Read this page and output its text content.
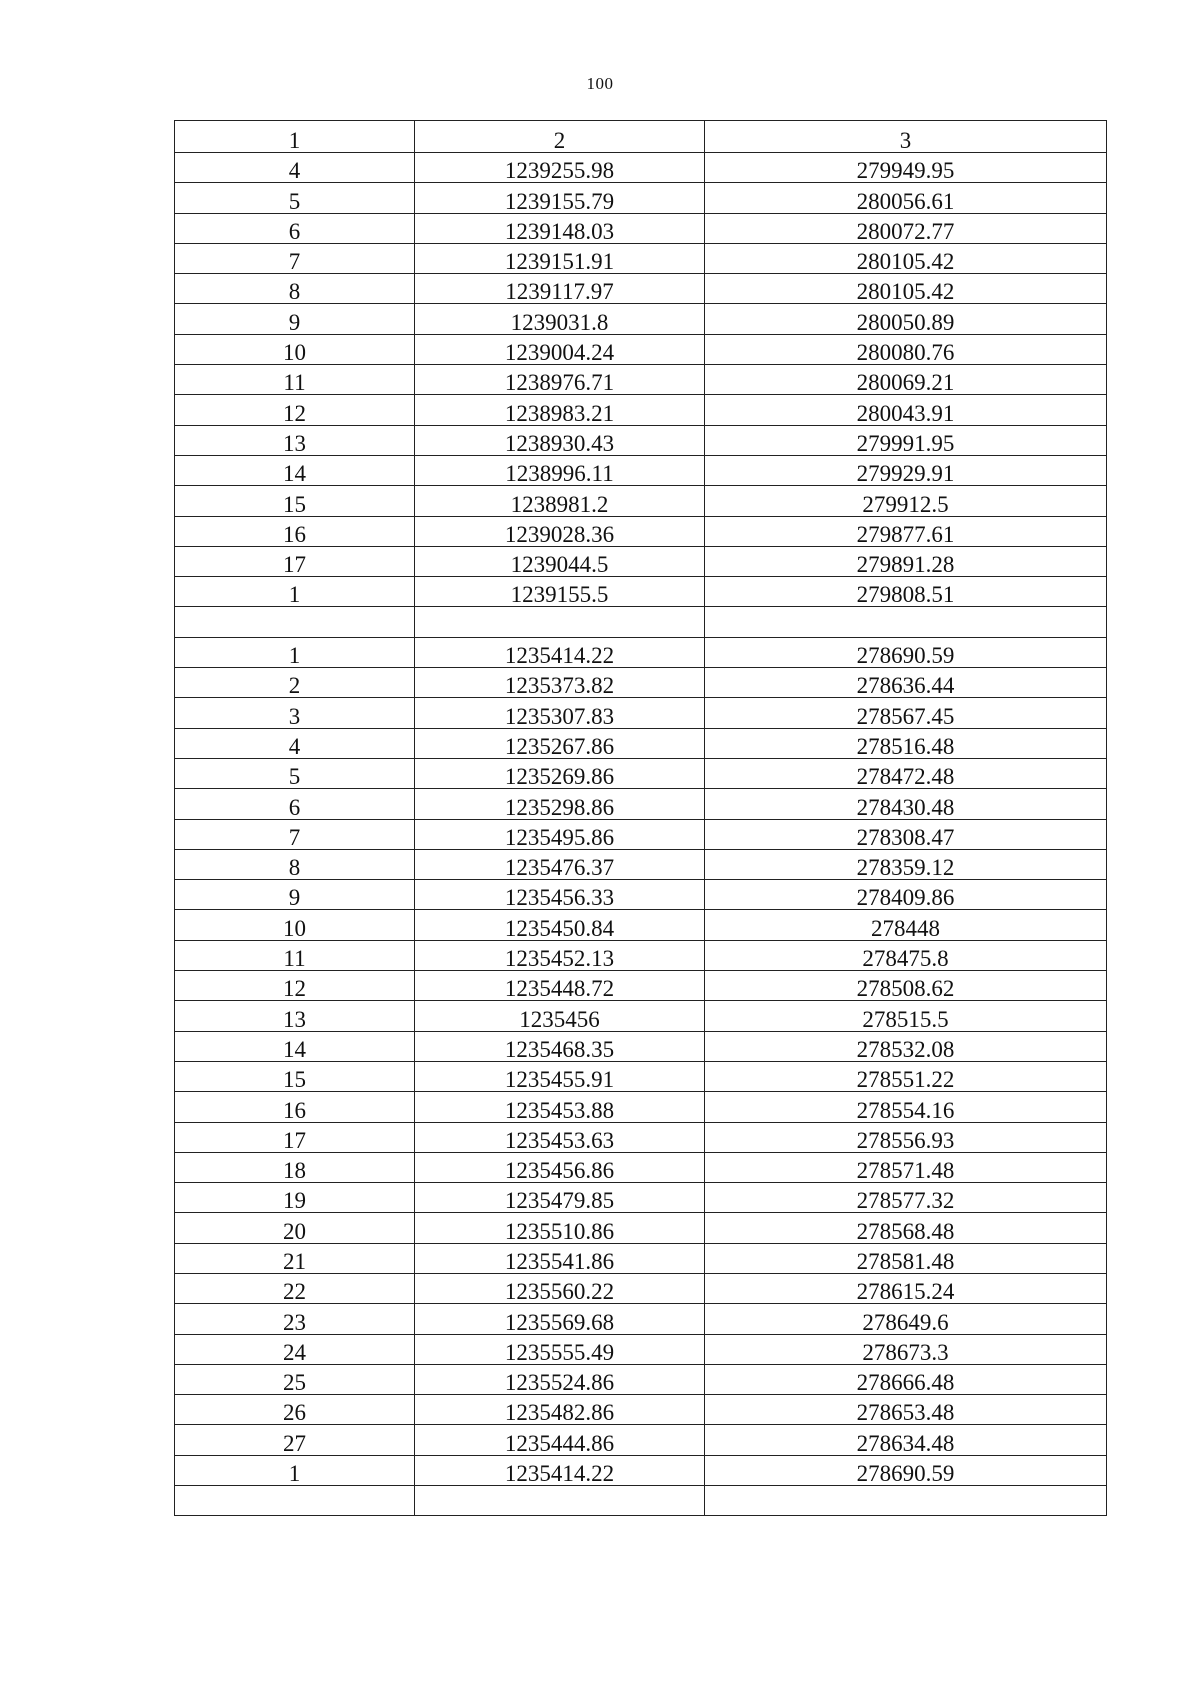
100
1	2	3
4	1239255.98	279949.95
5	1239155.79	280056.61
6	1239148.03	280072.77
7	1239151.91	280105.42
8	1239117.97	280105.42
9	1239031.8	280050.89
10	1239004.24	280080.76
11	1238976.71	280069.21
12	1238983.21	280043.91
13	1238930.43	279991.95
14	1238996.11	279929.91
15	1238981.2	279912.5
16	1239028.36	279877.61
17	1239044.5	279891.28
1	1239155.5	279808.51

1	1235414.22	278690.59
2	1235373.82	278636.44
3	1235307.83	278567.45
4	1235267.86	278516.48
5	1235269.86	278472.48
6	1235298.86	278430.48
7	1235495.86	278308.47
8	1235476.37	278359.12
9	1235456.33	278409.86
10	1235450.84	278448
11	1235452.13	278475.8
12	1235448.72	278508.62
13	1235456	278515.5
14	1235468.35	278532.08
15	1235455.91	278551.22
16	1235453.88	278554.16
17	1235453.63	278556.93
18	1235456.86	278571.48
19	1235479.85	278577.32
20	1235510.86	278568.48
21	1235541.86	278581.48
22	1235560.22	278615.24
23	1235569.68	278649.6
24	1235555.49	278673.3
25	1235524.86	278666.48
26	1235482.86	278653.48
27	1235444.86	278634.48
1	1235414.22	278690.59
